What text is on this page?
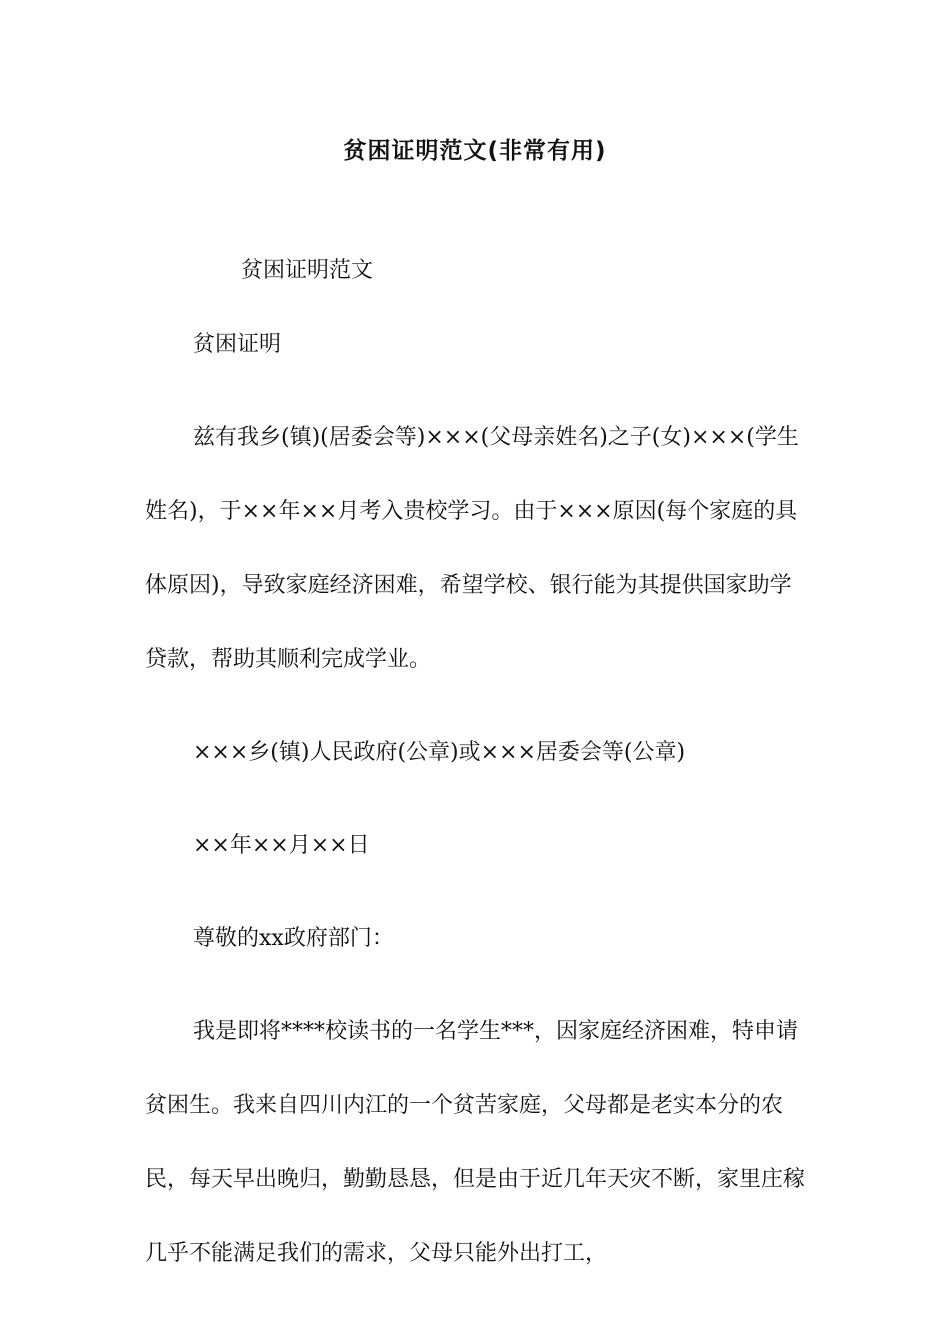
贫困证明范文(非常有用)
贫困证明范文
贫困证明
兹有我乡(镇)(居委会等)×××(父母亲姓名)之子(女)×××(学生姓名)，于××年××月考入贵校学习。由于×××原因(每个家庭的具体原因)，导致家庭经济困难，希望学校、银行能为其提供国家助学贷款，帮助其顺利完成学业。
×××乡(镇)人民政府(公章)或×××居委会等(公章)
××年××月××日
尊敬的xx政府部门：
我是即将****校读书的一名学生***，因家庭经济困难，特申请贫困生。我来自四川内江的一个贫苦家庭，父母都是老实本分的农民，每天早出晚归，勤勤恳恳，但是由于近几年天灾不断，家里庄稼几乎不能满足我们的需求，父母只能外出打工，
